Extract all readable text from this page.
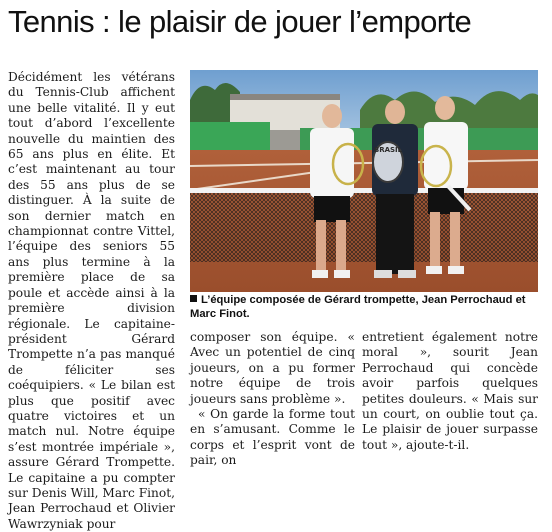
Tennis : le plaisir de jouer l’emporte

Décidément les vétérans du Tennis-Club affichent une belle vitalité. Il y eut tout d’abord l’excellente nouvelle du maintien des 65 ans plus en élite. Et c’est maintenant au tour des 55 ans plus de se distinguer. À la suite de son dernier match en championnat contre Vittel, l’équipe des seniors 55 ans plus termine à la première place de sa poule et accède ainsi à la première division régionale. Le capitaine-président Gérard Trompette n’a pas manqué de féliciter ses coéquipiers. « Le bilan est plus que positif avec quatre victoires et un match nul. Notre équipe s’est montrée impériale », assure Gérard Trompette. Le capitaine a pu compter sur Denis Will, Marc Finot, Jean Perrochaud et Olivier Wawrzyniak pour

BRASIL
L’équipe composée de Gérard trompette, Jean Perrochaud et Marc Finot.

composer son équipe. « Avec un potentiel de cinq joueurs, on a pu former notre équipe de trois joueurs sans problème ».

« On garde la forme tout en s’amusant. Comme le corps et l’esprit vont de pair, on

entretient également notre moral », sourit Jean Perrochaud qui concède avoir parfois quelques petites douleurs. « Mais sur un court, on oublie tout ça. Le plaisir de jouer surpasse tout », ajoute-t-il.
